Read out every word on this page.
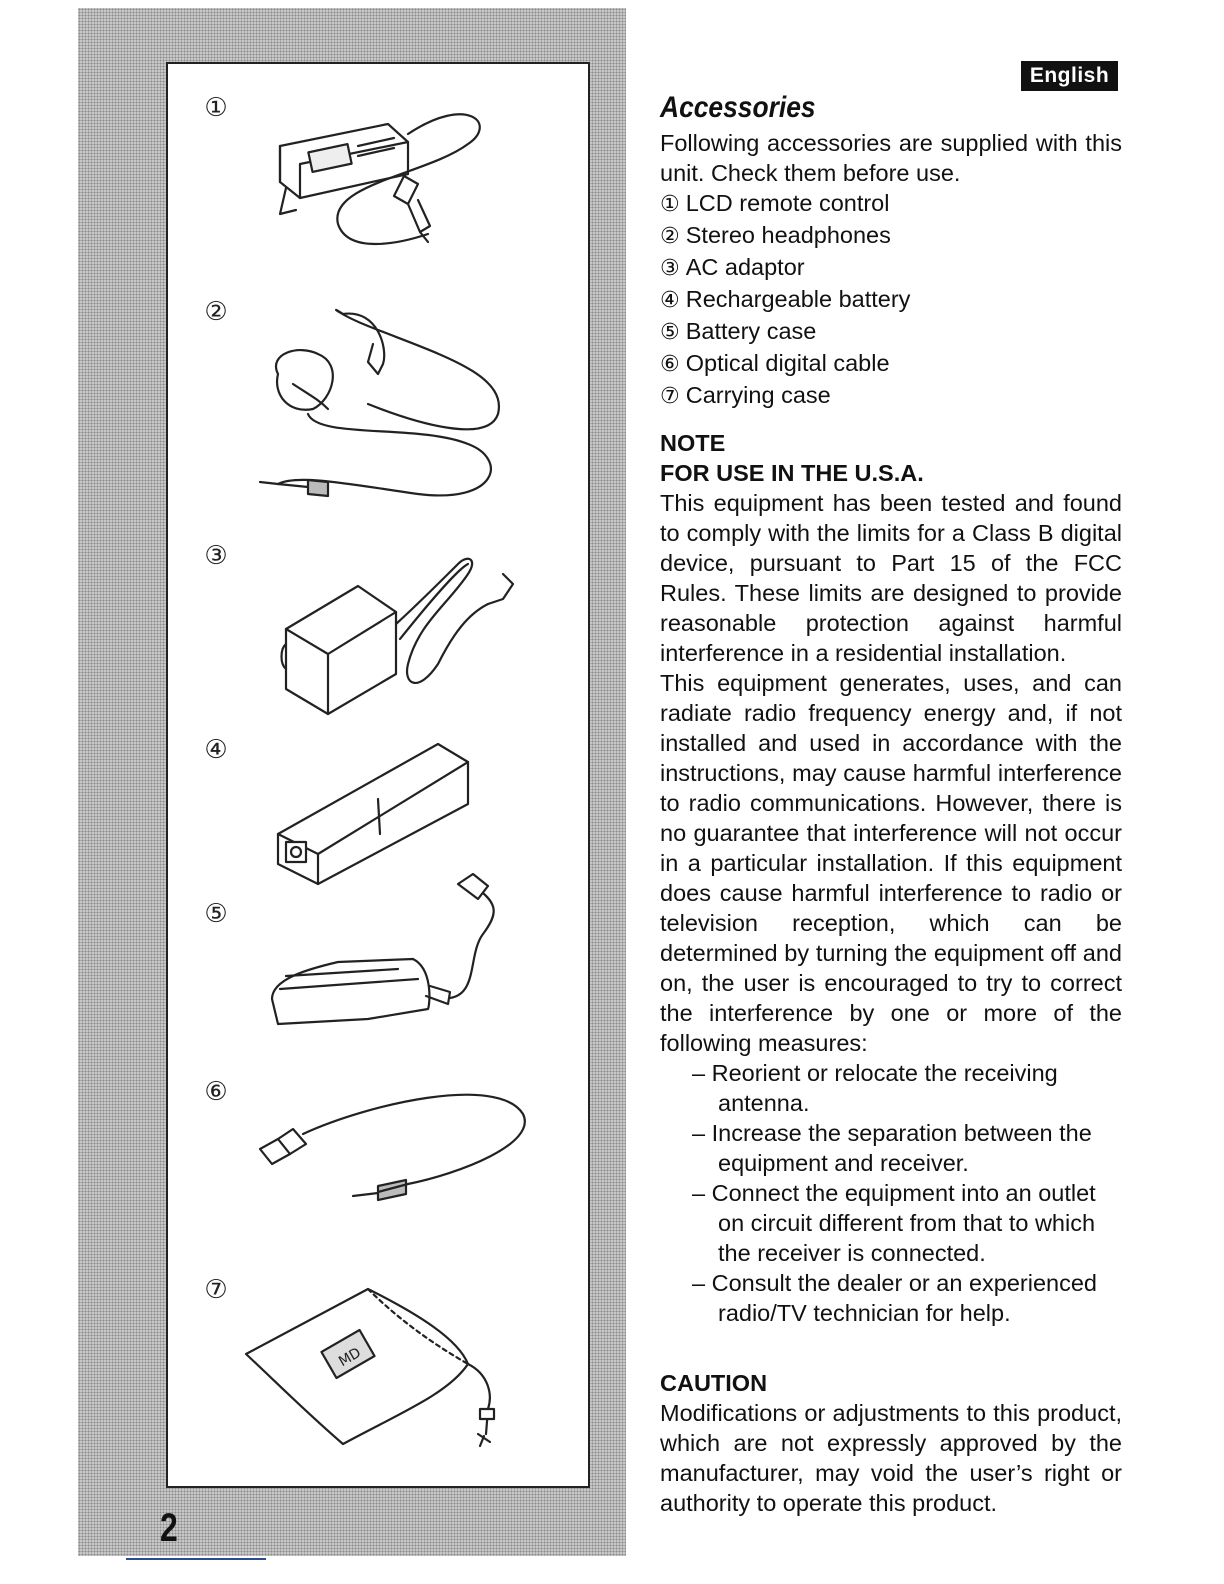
MD
①
②
③
④
⑤
⑥
⑦
2
English
Accessories

Following accessories are supplied with this unit. Check them before use.

① LCD remote control

② Stereo headphones

③ AC adaptor

④ Rechargeable battery

⑤ Battery case

⑥ Optical digital cable

⑦ Carrying case

NOTE

FOR USE IN THE U.S.A.

This equipment has been tested and found to comply with the limits for a Class B digital device, pursuant to Part 15 of the FCC Rules. These limits are designed to provide reasonable protection against harmful interference in a residential installation.

This equipment generates, uses, and can radiate radio frequency energy and, if not installed and used in accordance with the instructions, may cause harmful interference to radio communications. However, there is no guarantee that interference will not occur in a particular installation. If this equipment does cause harmful interference to radio or television reception, which can be determined by turning the equipment off and on, the user is encouraged to try to correct the interference by one or more of the following measures:

– Reorient or relocate the receiving antenna.

– Increase the separation between the equipment and receiver.

– Connect the equipment into an outlet on circuit different from that to which the receiver is connected.

– Consult the dealer or an experienced radio/TV technician for help.

CAUTION

Modifications or adjustments to this product, which are not expressly approved by the manufacturer, may void the user’s right or authority to operate this product.
